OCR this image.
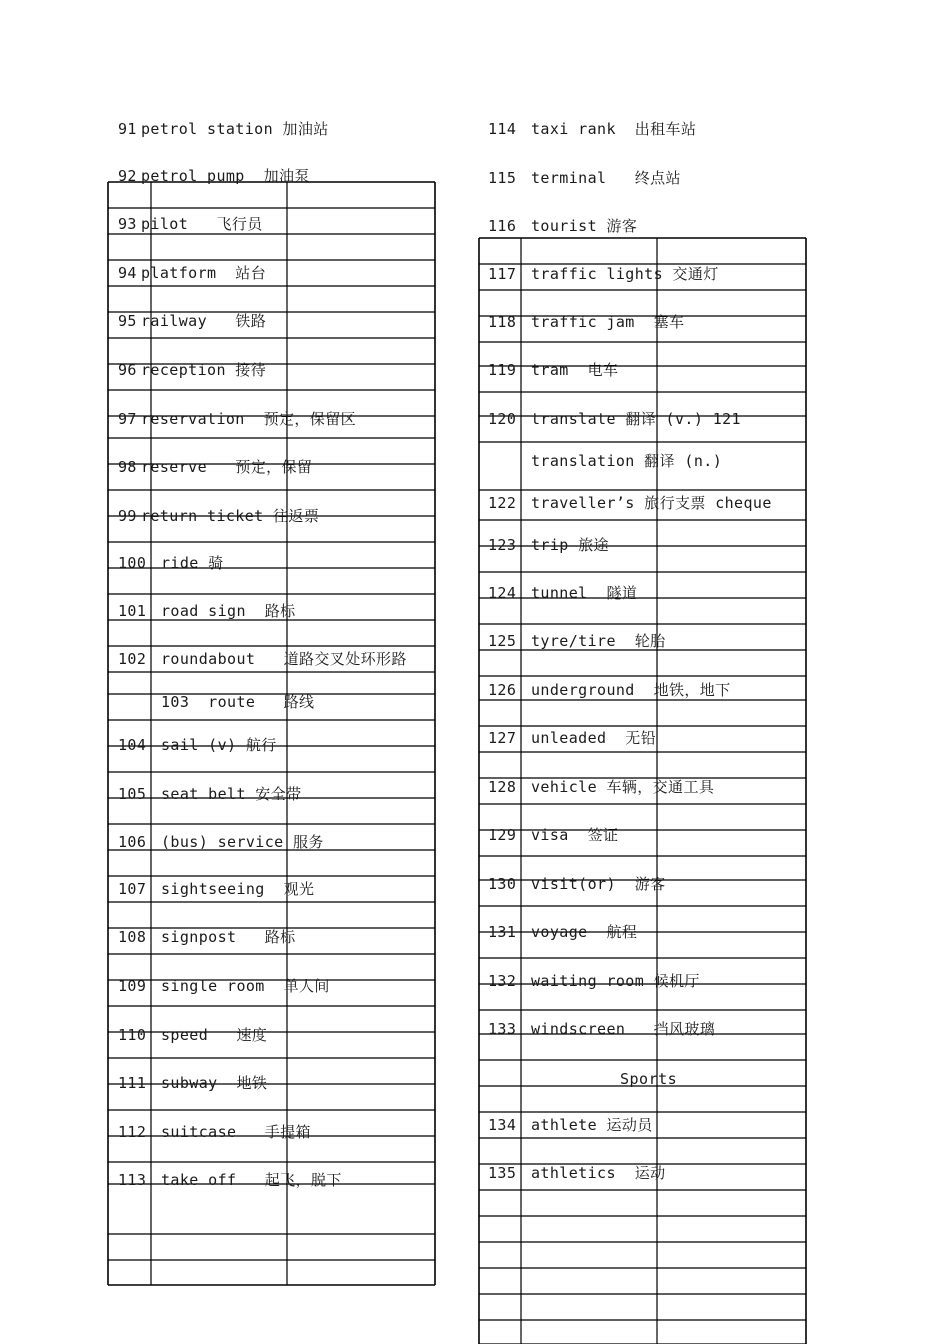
91 petrol station 加油站
92 petrol pump  加油泵
93 pilot   飞行员
94 platform  站台
95 railway   铁路
96 reception 接待
97 reservation  预定，保留区
98 reserve   预定，保留
99 return ticket 往返票
100 ride 骑
101 road sign  路标
102 roundabout   道路交叉处环形路
103  route   路线
104 sail (v) 航行
105 seat belt 安全带
106 (bus) service 服务
107 sightseeing  观光
108 signpost   路标
109 single room  单人间
110 speed   速度
111 subway  地铁
112 suitcase   手提箱
113 take off   起飞，脱下
114 taxi rank  出租车站
115 terminal   终点站
116 tourist 游客
117 traffic lights 交通灯
118 traffic jam  塞车
119 tram  电车
120 translate 翻译 (v.) 121
translation 翻译 (n.)
122 traveller’s 旅行支票 cheque
123 trip 旅途
124 tunnel  隧道
125 tyre/tire  轮胎
126 underground  地铁，地下
127 unleaded  无铅
128 vehicle 车辆，交通工具
129 visa  签证
130 visit(or)  游客
131 voyage  航程
132 waiting room 候机厅
133 windscreen   挡风玻璃
134 athlete 运动员
135 athletics  运动
Sports
